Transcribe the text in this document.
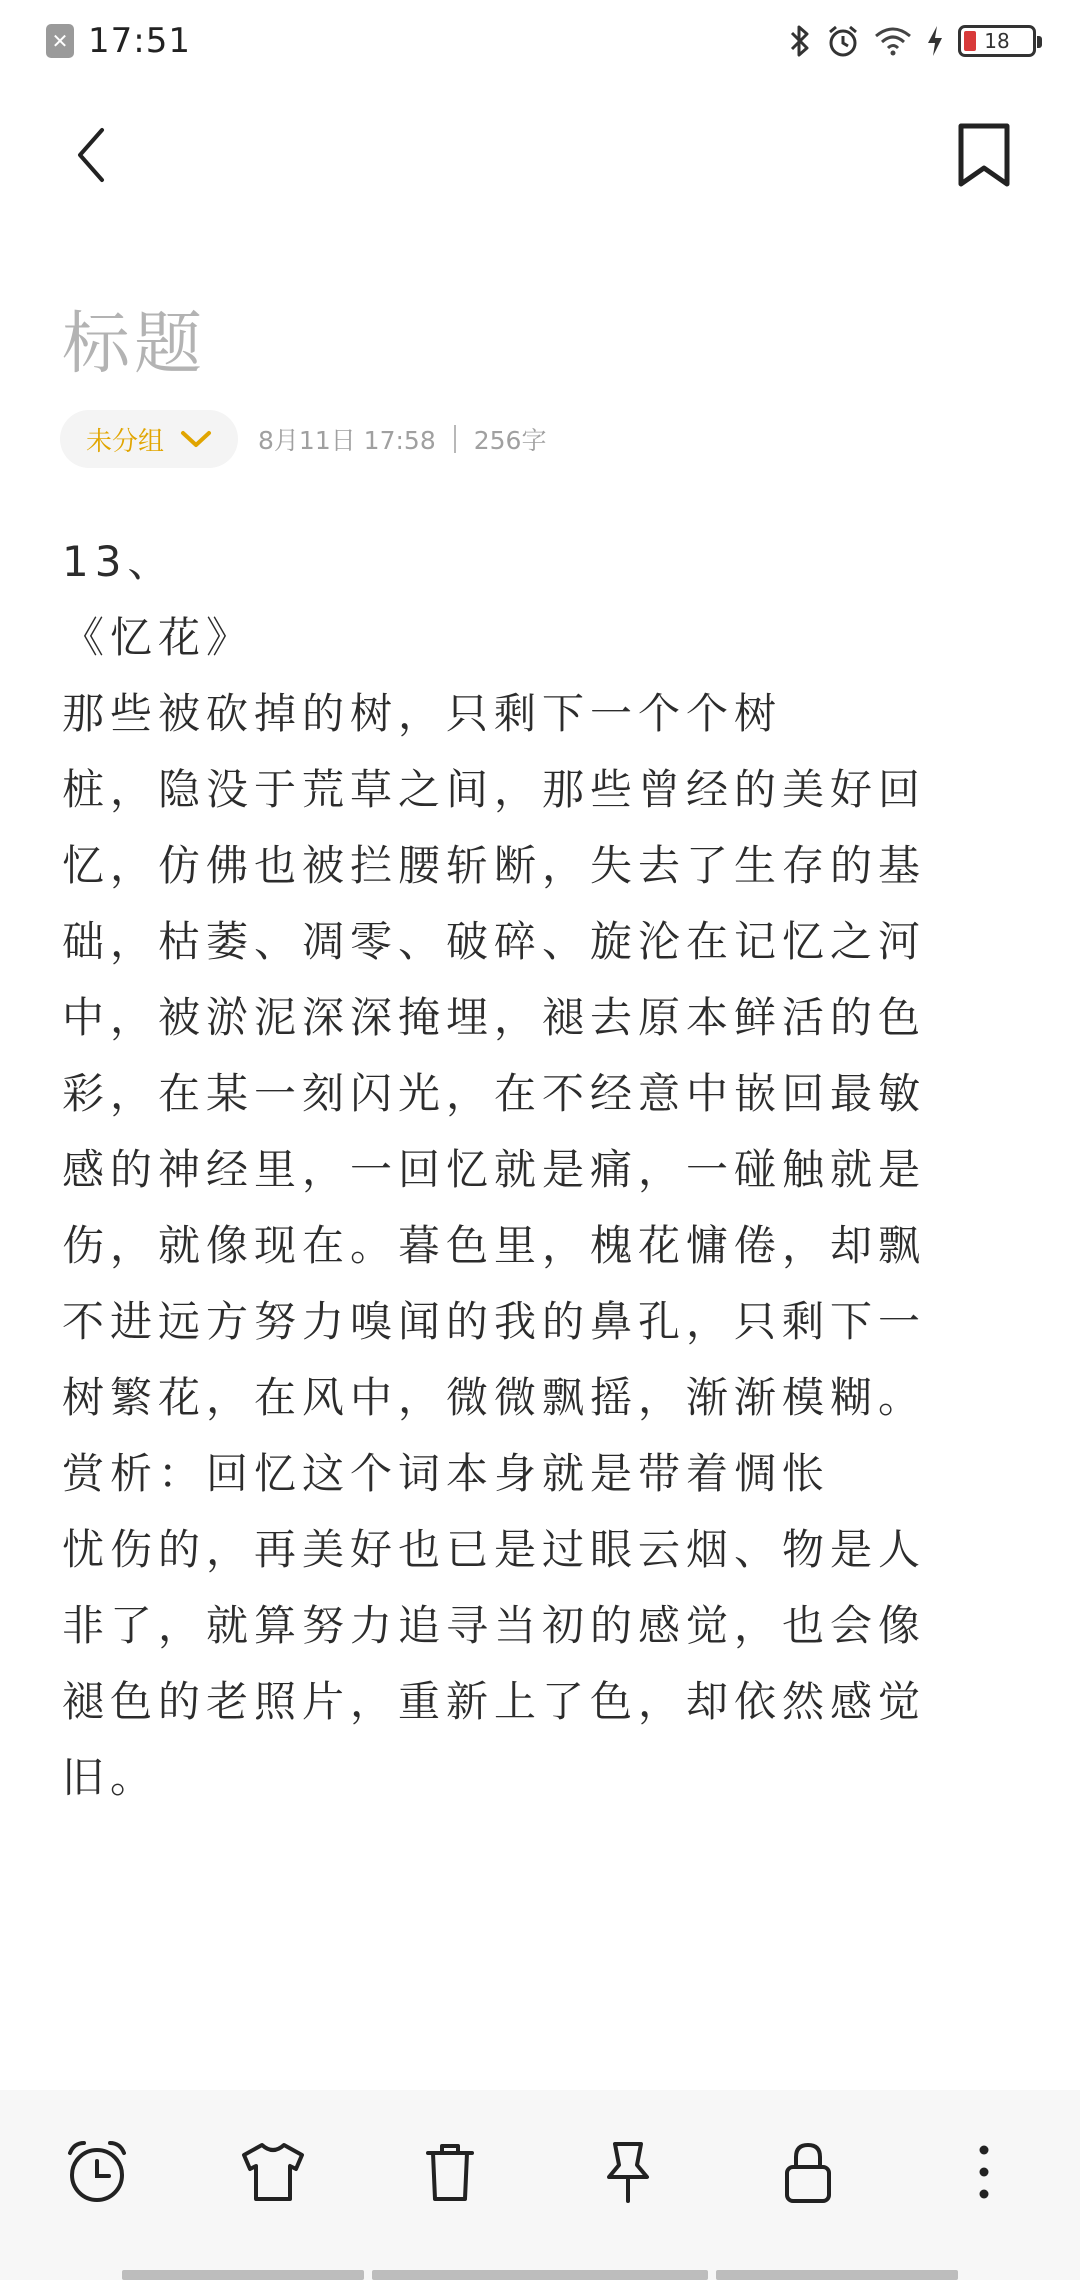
✕ 17:51	18
标题
未分组	8月11日 17:58 256字
13、
《忆花》
那些被砍掉的树，只剩下一个个树
桩，隐没于荒草之间，那些曾经的美好回
忆，仿佛也被拦腰斩断，失去了生存的基
础，枯萎、凋零、破碎、旋沦在记忆之河
中，被淤泥深深掩埋，褪去原本鲜活的色
彩，在某一刻闪光，在不经意中嵌回最敏
感的神经里，一回忆就是痛，一碰触就是
伤，就像现在。暮色里，槐花慵倦，却飘
不进远方努力嗅闻的我的鼻孔，只剩下一
树繁花，在风中，微微飘摇，渐渐模糊。
赏析：回忆这个词本身就是带着惆怅
忧伤的，再美好也已是过眼云烟、物是人
非了，就算努力追寻当初的感觉，也会像
褪色的老照片，重新上了色，却依然感觉
旧。
